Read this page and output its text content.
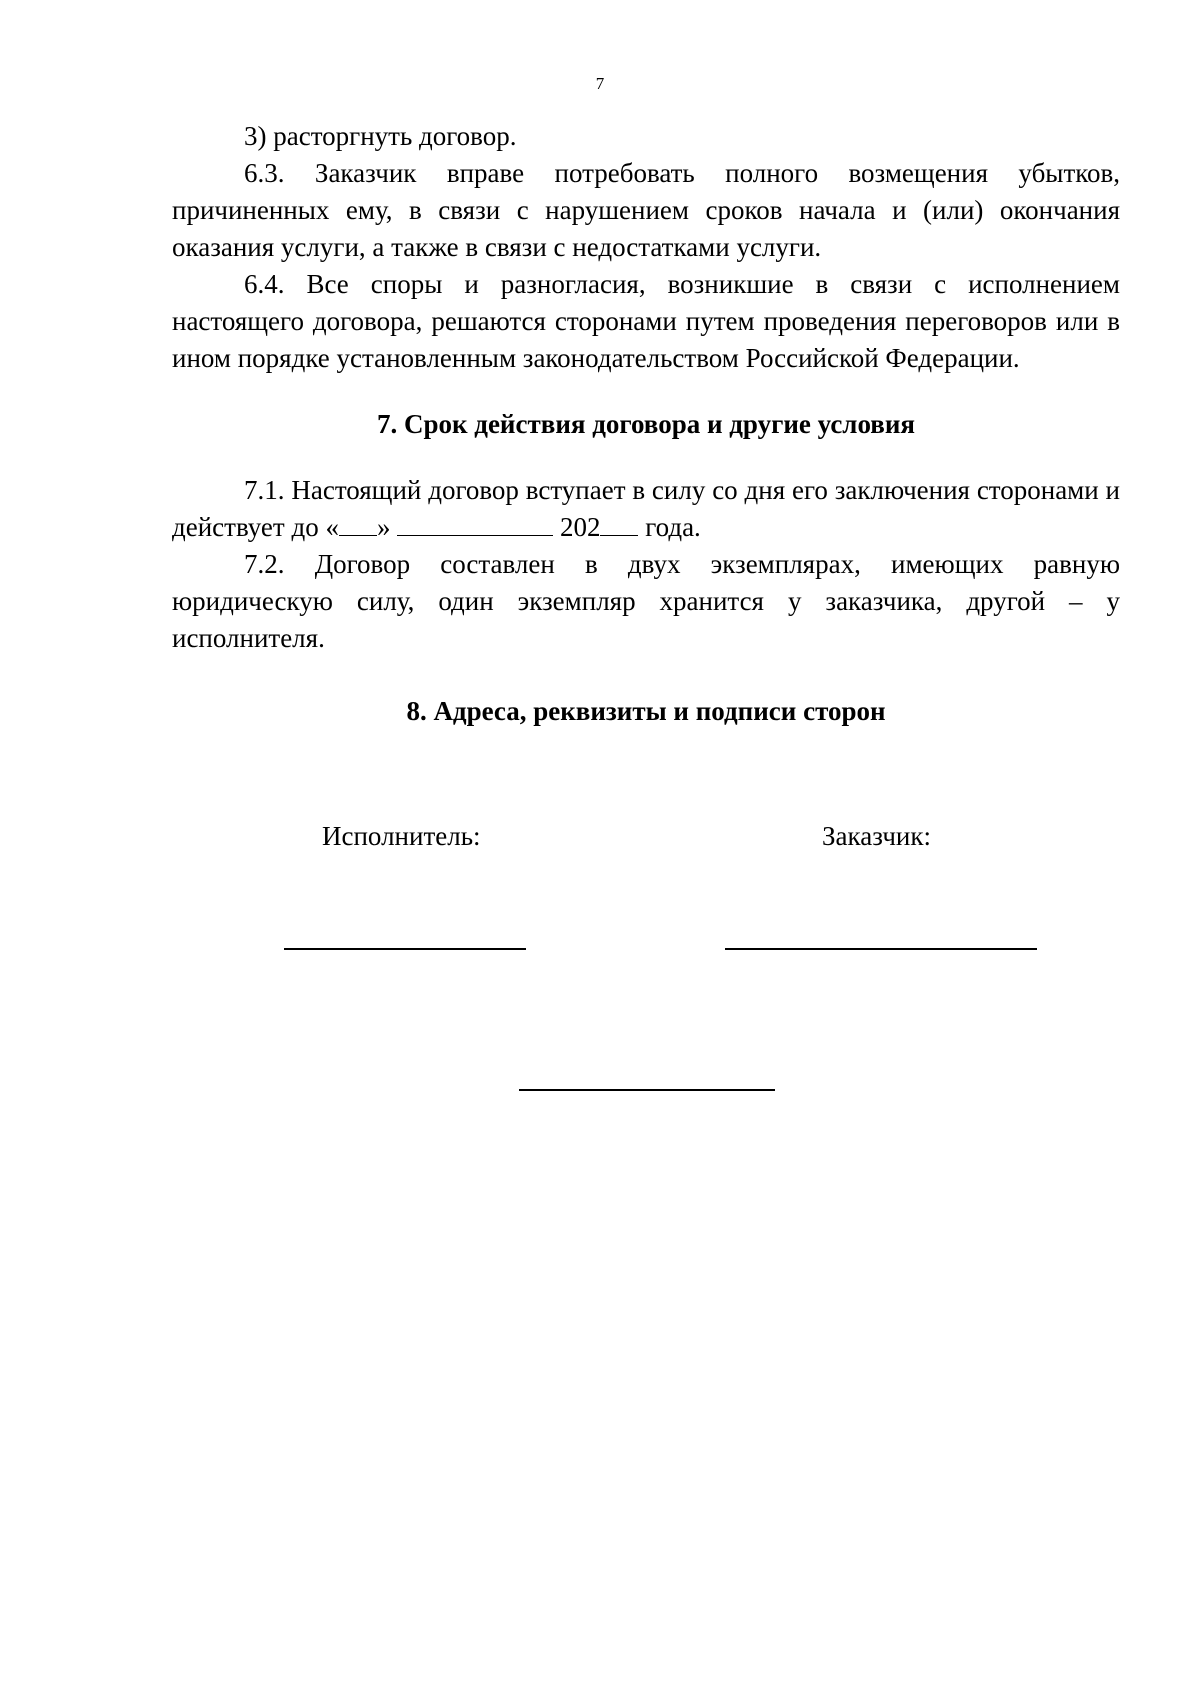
7

3) расторгнуть договор.

6.3. Заказчик вправе потребовать полного возмещения убытков, причиненных ему, в связи с нарушением сроков начала и (или) окончания оказания услуги, а также в связи с недостатками услуги.

6.4. Все споры и разногласия, возникшие в связи с исполнением настоящего договора, решаются сторонами путем проведения переговоров или в ином порядке установленным законодательством Российской Федерации.

7. Срок действия договора и другие условия

7.1. Настоящий договор вступает в силу со дня его заключения сторонами и действует до « »	202 года.

7.2. Договор составлен в двух экземплярах, имеющих равную юридическую силу, один экземпляр хранится у заказчика, другой – у исполнителя.

8. Адреса, реквизиты и подписи сторон
Исполнитель:	Заказчик:
